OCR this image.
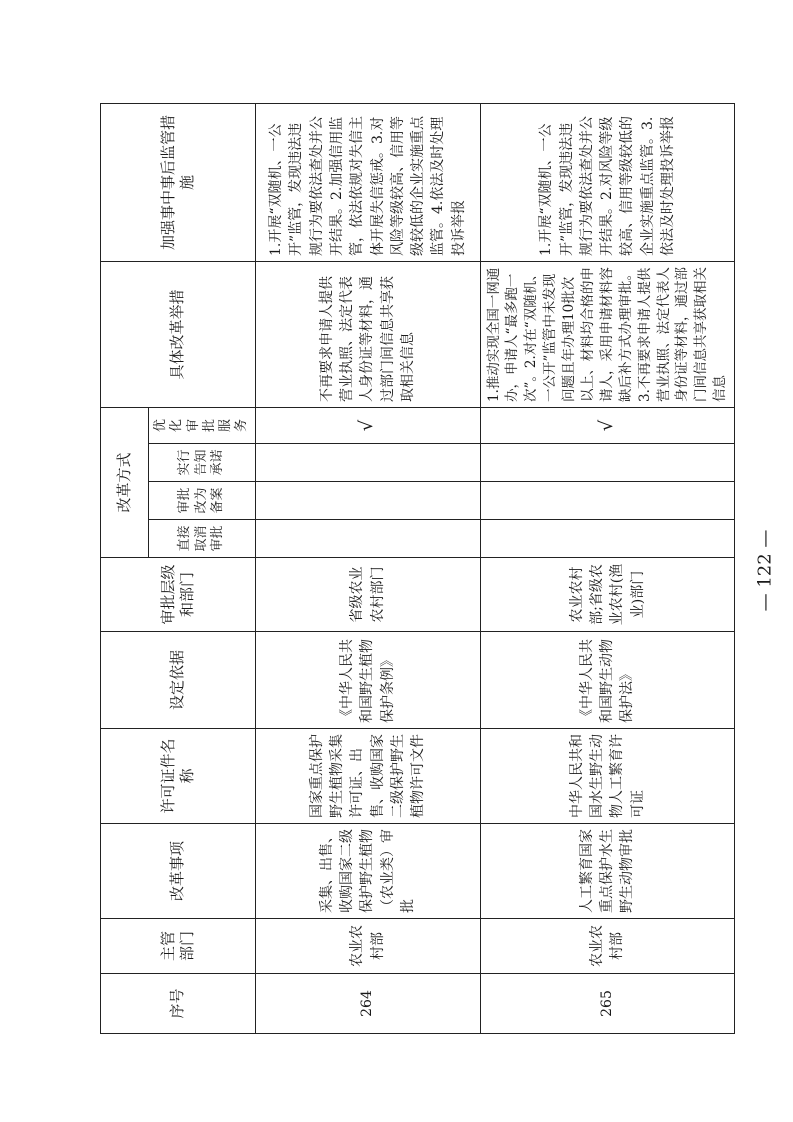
序号	主管部门	改革事项	许可证件名称	设定依据	审批层级和部门	改革方式				具体改革举措	加强事中事后监管措施
						直接取消审批	审批改为备案	实行告知承诺	优化审批服务		
264	农业农村部	采集、出售、收购国家二级保护野生植物（农业类）审批	国家重点保护野生植物采集许可证、出售、收购国家二级保护野生植物许可文件	《中华人民共和国野生植物保护条例》	省级农业农村部门				√	不再要求申请人提供营业执照、法定代表人身份证等材料，通过部门间信息共享获取相关信息	1.开展“双随机、一公开”监管，发现违法违规行为要依法查处并公开结果。2.加强信用监管，依法依规对失信主体开展失信惩戒。3.对风险等级较高、信用等级较低的企业实施重点监管。4.依法及时处理投诉举报
265	农业农村部	人工繁育国家重点保护水生野生动物审批	中华人民共和国水生野生动物人工繁育许可证	《中华人民共和国野生动物保护法》	农业农村部;省级农业农村(渔业)部门				√	1.推动实现全国一网通办，申请人“最多跑一次”。2.对在“双随机、一公开”监管中未发现问题且年办理10批次以上、材料均合格的申请人，采用申请材料容缺后补方式办理审批。3.不再要求申请人提供营业执照、法定代表人身份证等材料，通过部门间信息共享获取相关信息	1.开展“双随机、一公开”监管，发现违法违规行为要依法查处并公开结果。2.对风险等级较高、信用等级较低的企业实施重点监管。3.依法及时处理投诉举报
— 122 —
